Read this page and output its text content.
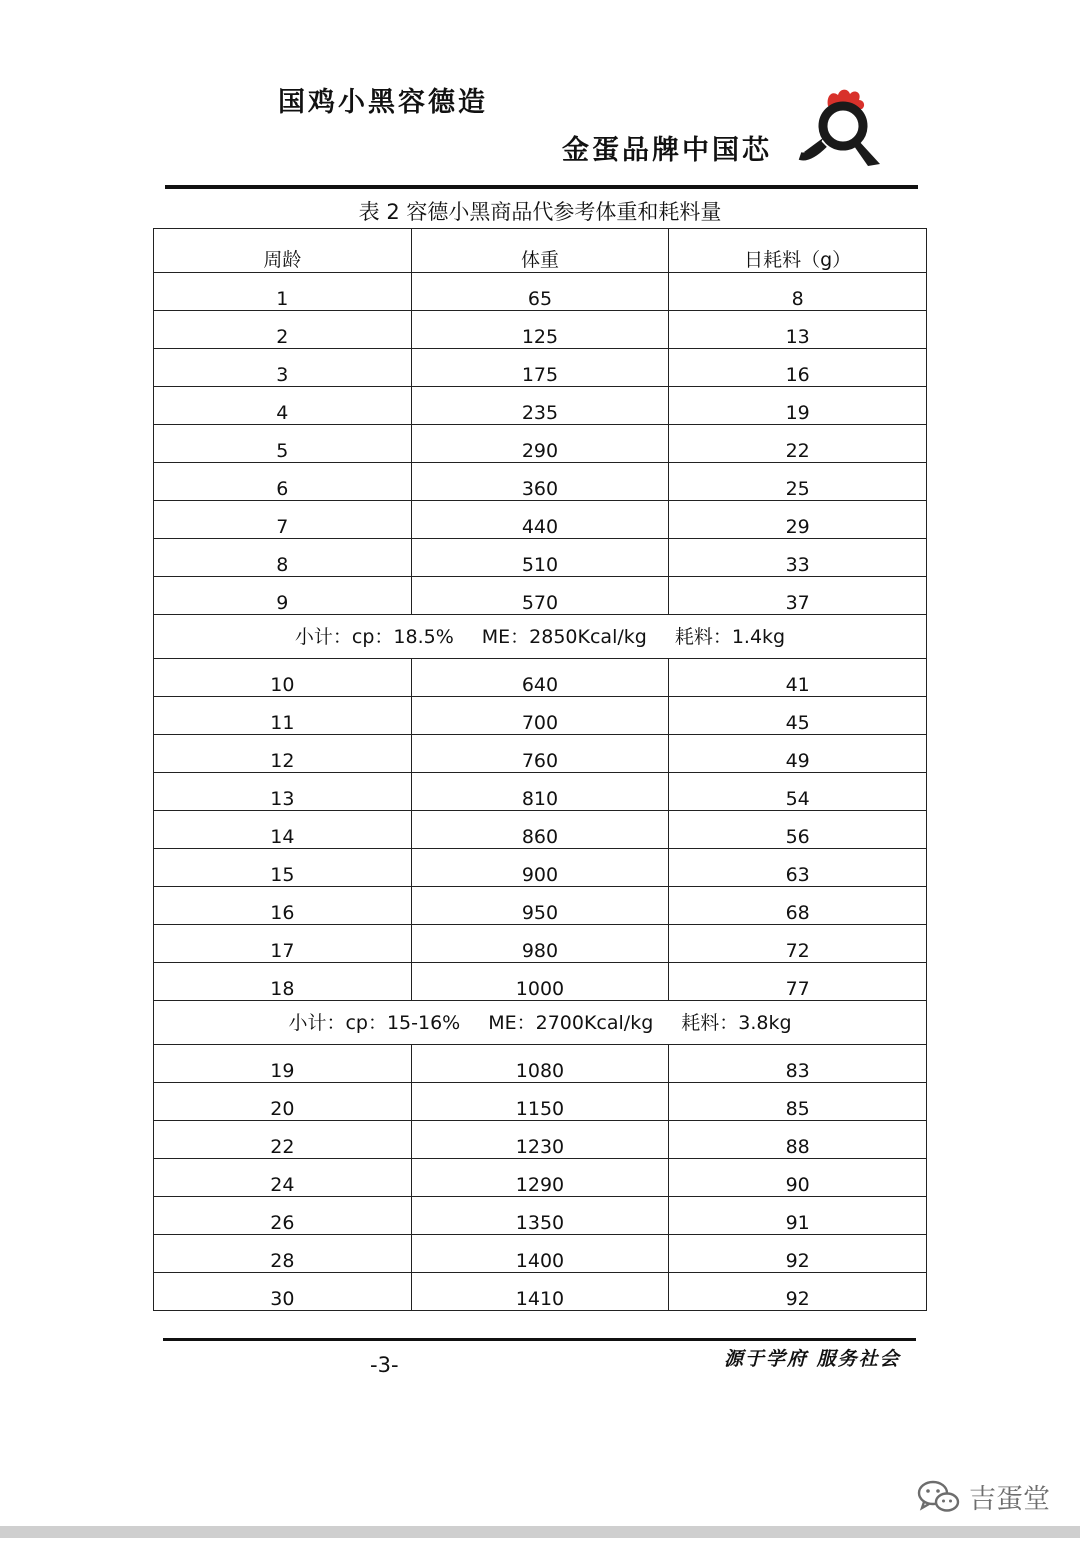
国鸡小黑容德造
金蛋品牌中国芯
表 2 容德小黑商品代参考体重和耗料量
周龄	体重	日耗料（g）
1	65	8
2	125	13
3	175	16
4	235	19
5	290	22
6	360	25
7	440	29
8	510	33
9	570	37
小计：cp：18.5% ME：2850Kcal/kg 耗料：1.4kg		
10	640	41
11	700	45
12	760	49
13	810	54
14	860	56
15	900	63
16	950	68
17	980	72
18	1000	77
小计：cp：15-16% ME：2700Kcal/kg 耗料：3.8kg		
19	1080	83
20	1150	85
22	1230	88
24	1290	90
26	1350	91
28	1400	92
30	1410	92
-3-	源于学府 服务社会
吉蛋堂
